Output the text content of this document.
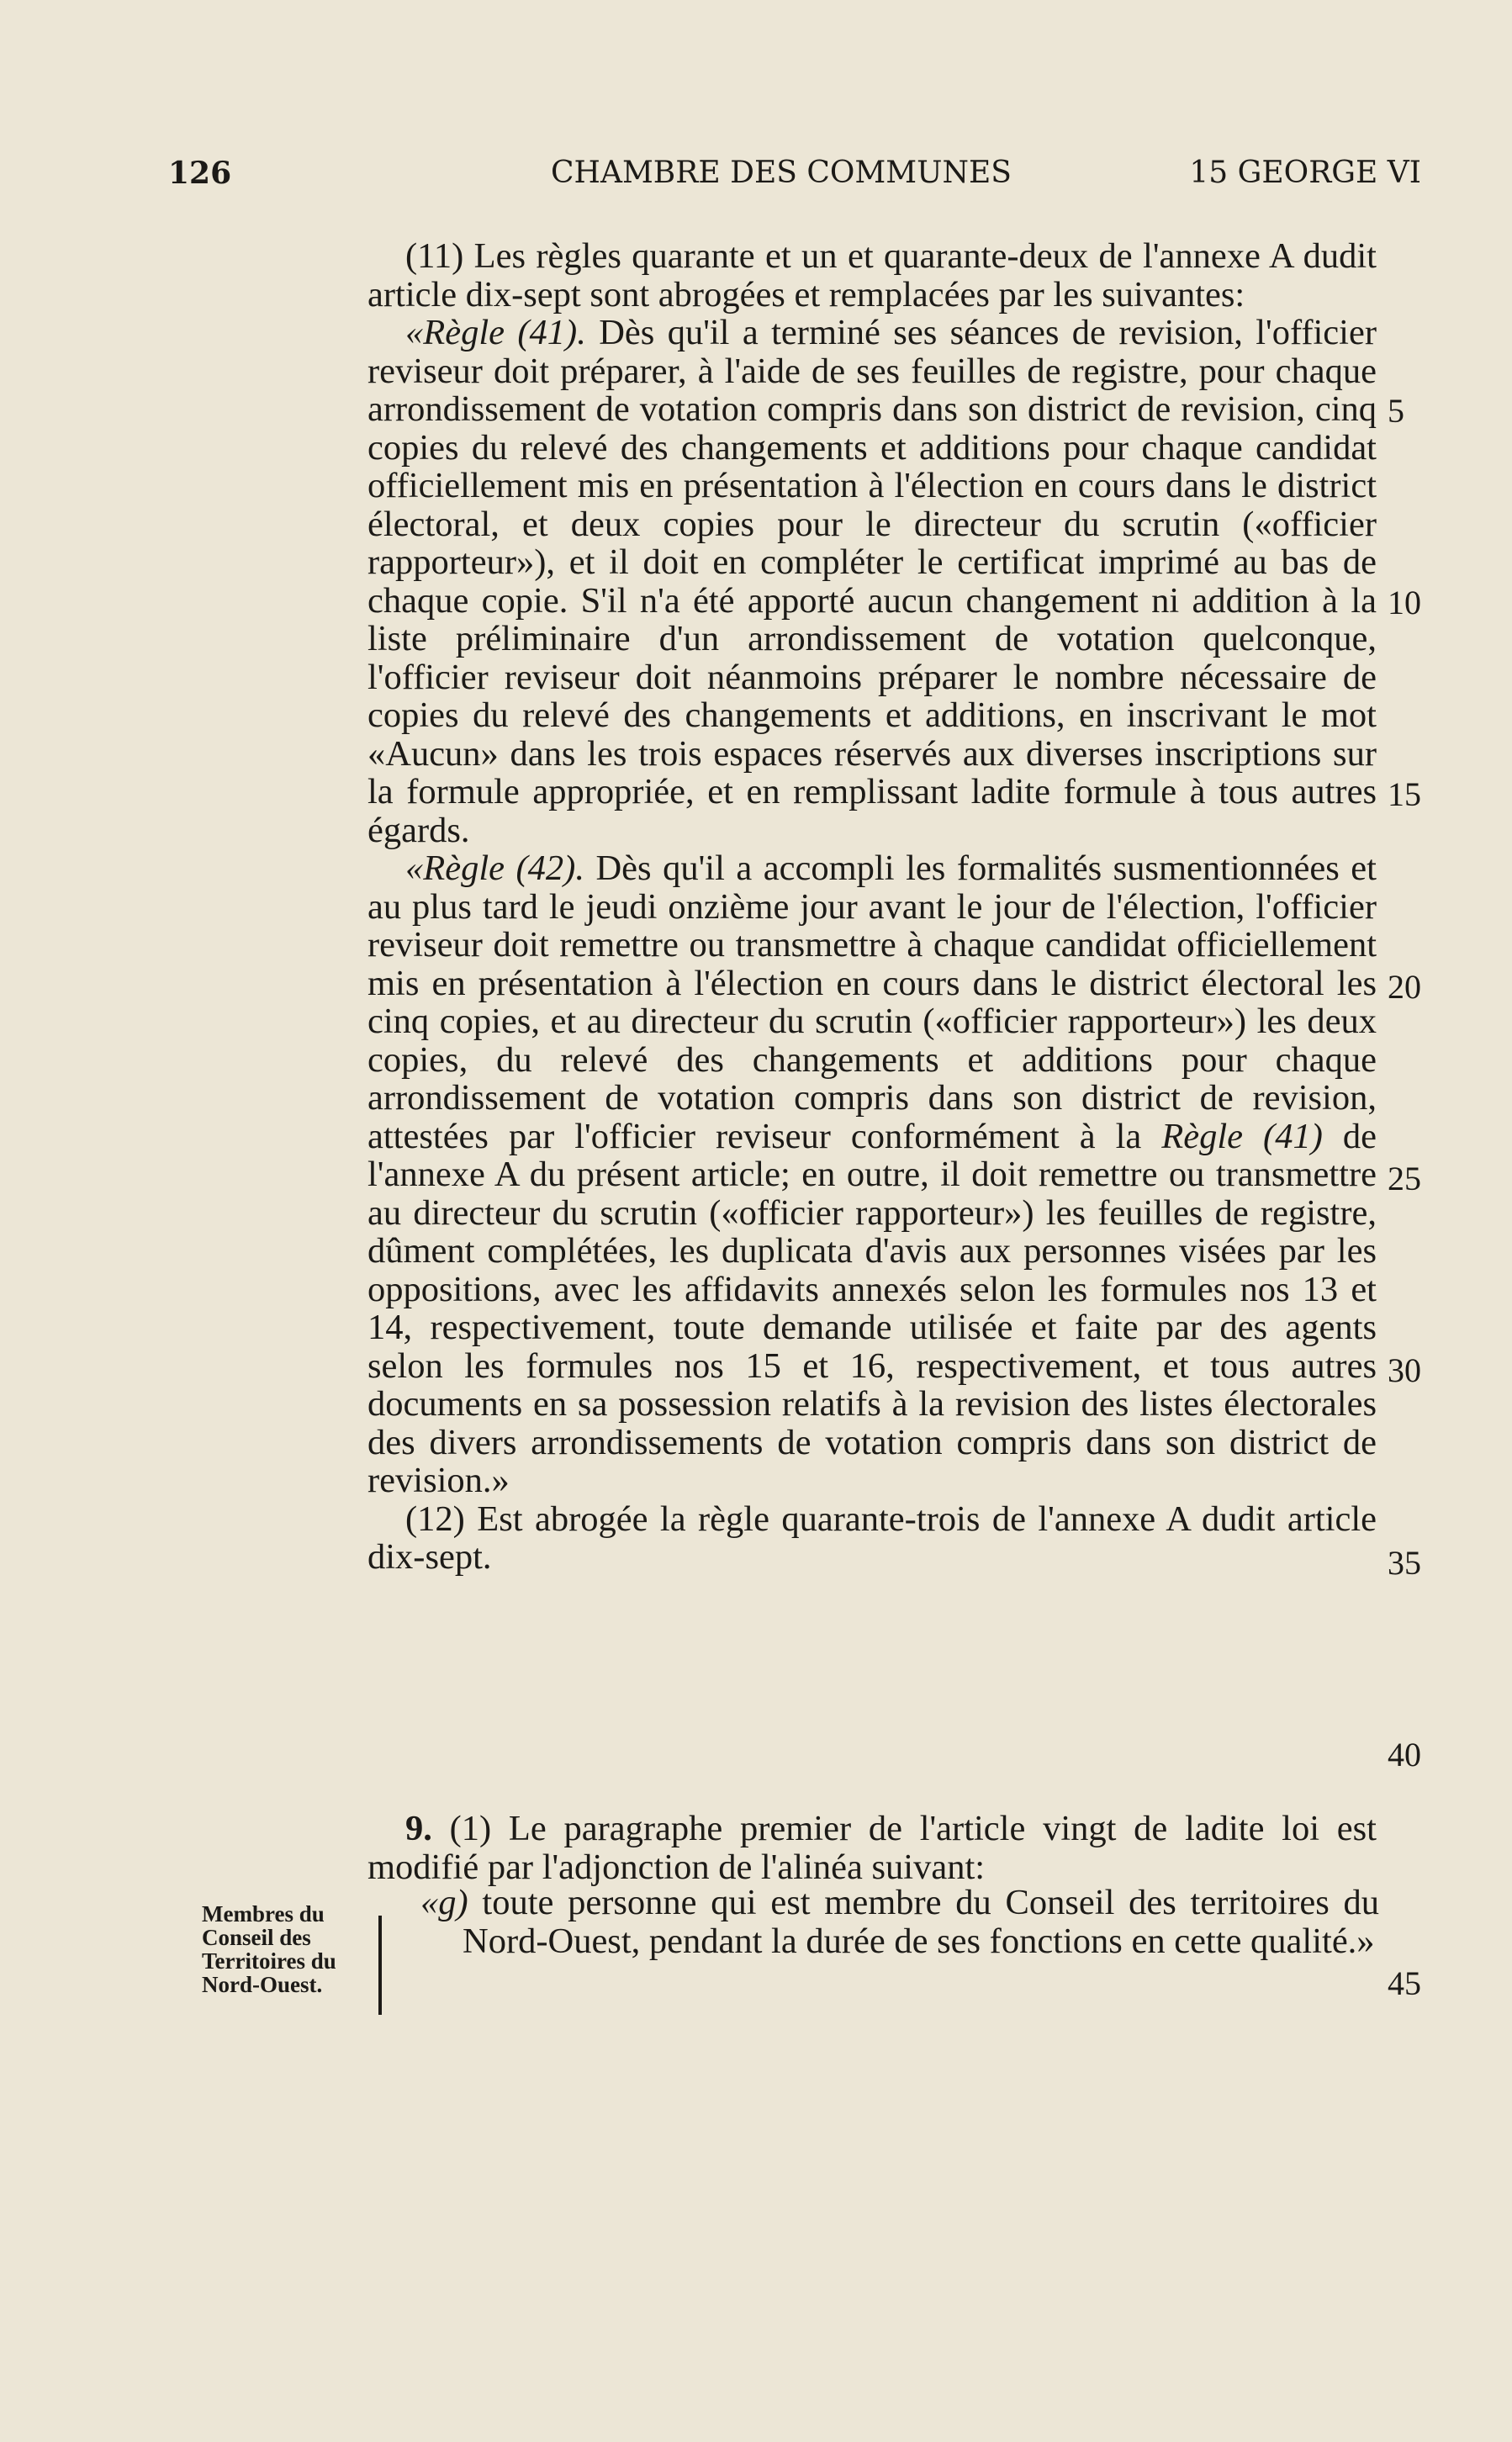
126	CHAMBRE DES COMMUNES	15 GEORGE VI

(11) Les règles quarante et un et quarante-deux de l'annexe A dudit article dix-sept sont abrogées et remplacées par les suivantes:

«Règle (41). Dès qu'il a terminé ses séances de revision, l'officier reviseur doit préparer, à l'aide de ses feuilles de registre, pour chaque arrondissement de votation compris dans son district de revision, cinq copies du relevé des changements et additions pour chaque candidat officiellement mis en présentation à l'élection en cours dans le district électoral, et deux copies pour le directeur du scrutin («officier rapporteur»), et il doit en compléter le certificat imprimé au bas de chaque copie. S'il n'a été apporté aucun changement ni addition à la liste préliminaire d'un arrondissement de votation quelconque, l'officier reviseur doit néanmoins préparer le nombre nécessaire de copies du relevé des changements et additions, en inscrivant le mot «Aucun» dans les trois espaces réservés aux diverses inscriptions sur la formule appropriée, et en remplissant ladite formule à tous autres égards.

«Règle (42). Dès qu'il a accompli les formalités susmentionnées et au plus tard le jeudi onzième jour avant le jour de l'élection, l'officier reviseur doit remettre ou transmettre à chaque candidat officiellement mis en présentation à l'élection en cours dans le district électoral les cinq copies, et au directeur du scrutin («officier rapporteur») les deux copies, du relevé des changements et additions pour chaque arrondissement de votation compris dans son district de revision, attestées par l'officier reviseur conformément à la Règle (41) de l'annexe A du présent article; en outre, il doit remettre ou transmettre au directeur du scrutin («officier rapporteur») les feuilles de registre, dûment complétées, les duplicata d'avis aux personnes visées par les oppositions, avec les affidavits annexés selon les formules nos 13 et 14, respectivement, toute demande utilisée et faite par des agents selon les formules nos 15 et 16, respectivement, et tous autres documents en sa possession relatifs à la revision des listes électorales des divers arrondissements de votation compris dans son district de revision.»

(12) Est abrogée la règle quarante-trois de l'annexe A dudit article dix-sept.

9. (1) Le paragraphe premier de l'article vingt de ladite loi est modifié par l'adjonction de l'alinéa suivant:

«g) toute personne qui est membre du Conseil des territoires du Nord-Ouest, pendant la durée de ses fonctions en cette qualité.»

Membres du Conseil des Territoires du Nord-Ouest.
5
10
15
20
25
30
35
40
45
